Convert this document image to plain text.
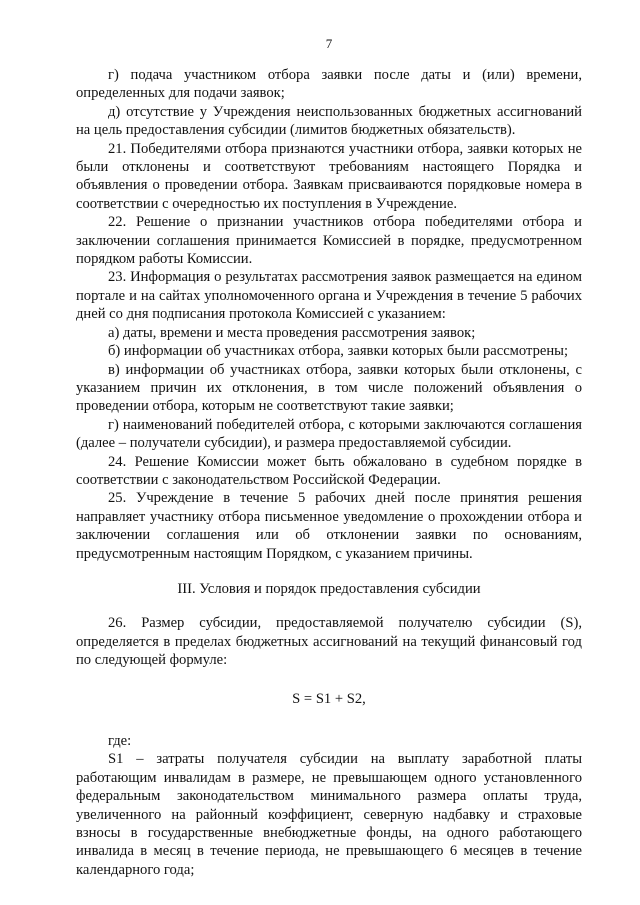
7

г) подача участником отбора заявки после даты и (или) времени, определенных для подачи заявок;

д) отсутствие у Учреждения неиспользованных бюджетных ассигнований на цель предоставления субсидии (лимитов бюджетных обязательств).

21. Победителями отбора признаются участники отбора, заявки которых не были отклонены и соответствуют требованиям настоящего Порядка и объявления о проведении отбора. Заявкам присваиваются порядковые номера в соответствии с очередностью их поступления в Учреждение.

22. Решение о признании участников отбора победителями отбора и заключении соглашения принимается Комиссией в порядке, предусмотренном порядком работы Комиссии.

23. Информация о результатах рассмотрения заявок размещается на едином портале и на сайтах уполномоченного органа и Учреждения в течение 5 рабочих дней со дня подписания протокола Комиссией с указанием:

а) даты, времени и места проведения рассмотрения заявок;

б) информации об участниках отбора, заявки которых были рассмотрены;

в) информации об участниках отбора, заявки которых были отклонены, с указанием причин их отклонения, в том числе положений объявления о проведении отбора, которым не соответствуют такие заявки;

г) наименований победителей отбора, с которыми заключаются соглашения (далее – получатели субсидии), и размера предоставляемой субсидии.

24. Решение Комиссии может быть обжаловано в судебном порядке в соответствии с законодательством Российской Федерации.

25. Учреждение в течение 5 рабочих дней после принятия решения направляет участнику отбора письменное уведомление о прохождении отбора и заключении соглашения или об отклонении заявки по основаниям, предусмотренным настоящим Порядком, с указанием причины.

III. Условия и порядок предоставления субсидии

26. Размер субсидии, предоставляемой получателю субсидии (S), определяется в пределах бюджетных ассигнований на текущий финансовый год по следующей формуле:

S = S1 + S2,
где:

S1 – затраты получателя субсидии на выплату заработной платы работающим инвалидам в размере, не превышающем одного установленного федеральным законодательством минимального размера оплаты труда, увеличенного на районный коэффициент, северную надбавку и страховые взносы в государственные внебюджетные фонды, на одного работающего инвалида в месяц в течение периода, не превышающего 6 месяцев в течение календарного года;
